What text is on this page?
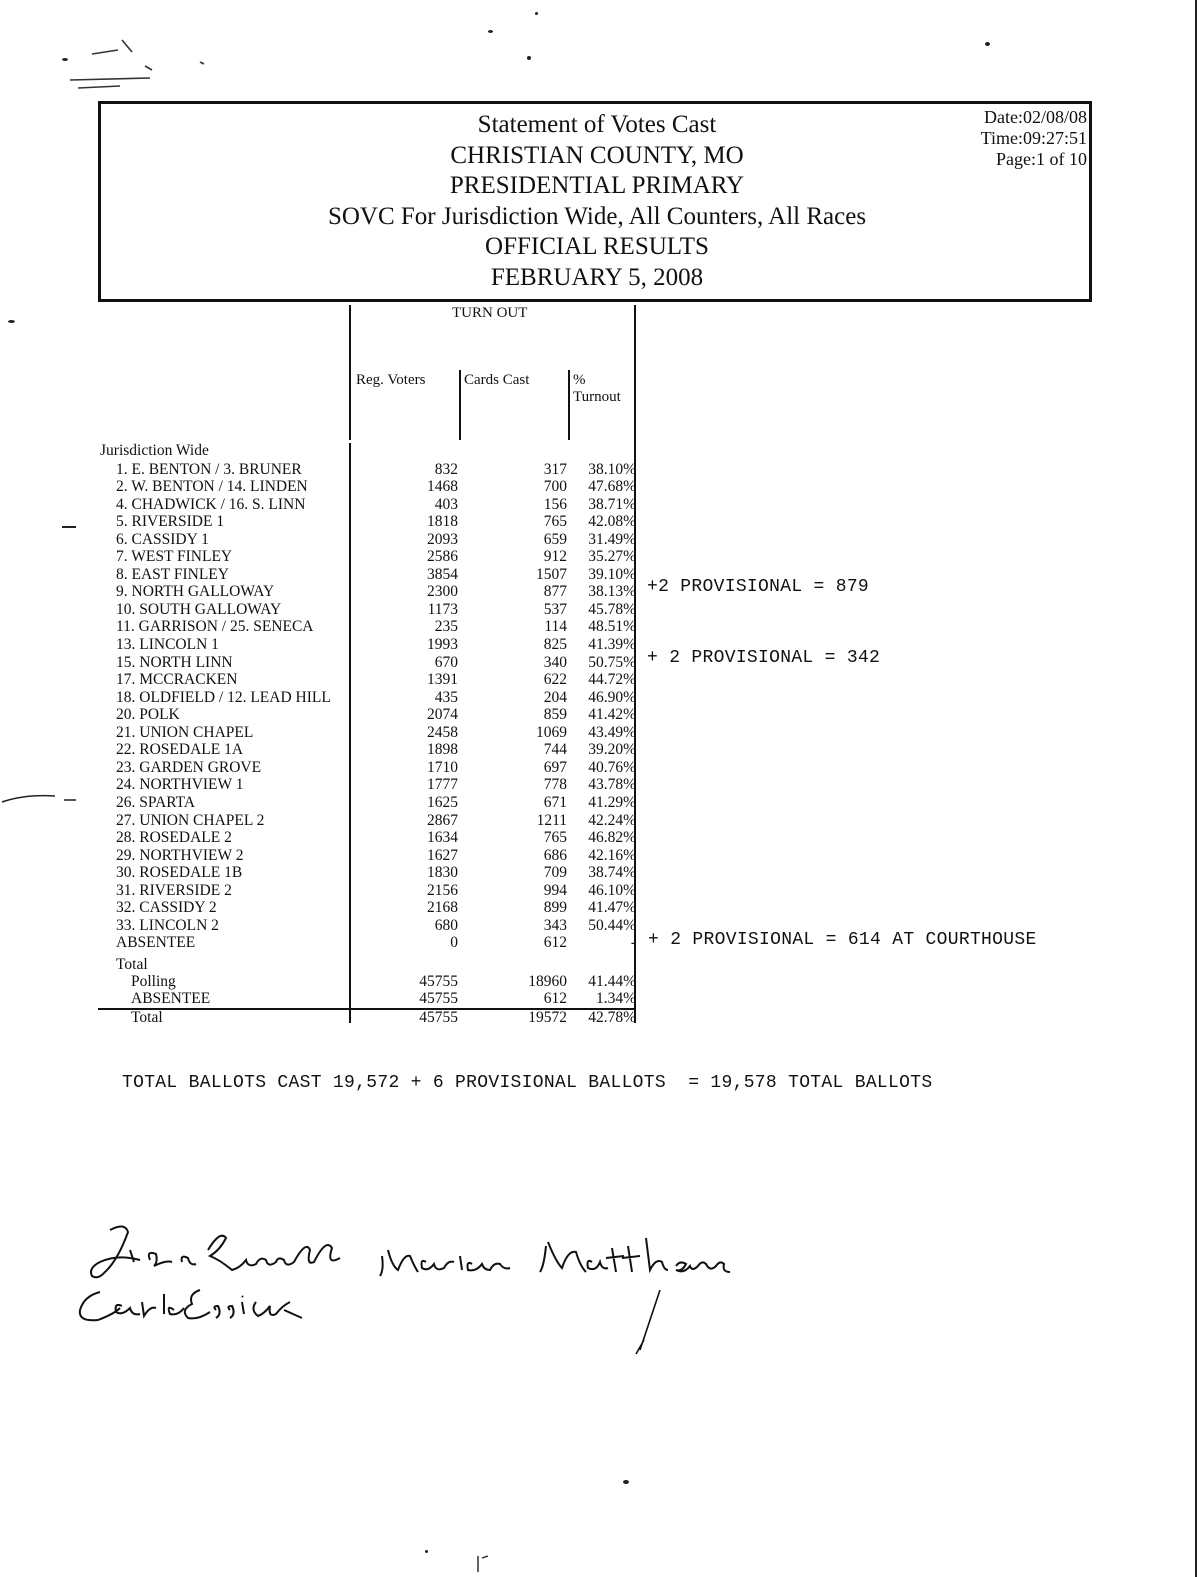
Statement of Votes Cast
CHRISTIAN COUNTY, MO
PRESIDENTIAL PRIMARY
SOVC For Jurisdiction Wide, All Counters, All Races
OFFICIAL RESULTS
FEBRUARY 5, 2008
Date:02/08/08
Time:09:27:51
Page:1 of 10
TURN OUT
Reg. Voters	Cards Cast	%
Turnout
Jurisdiction Wide
1. E. BENTON / 3. BRUNER	832	317 38.10%
2. W. BENTON / 14. LINDEN	1468	700 47.68%
4. CHADWICK / 16. S. LINN	403	156 38.71%
5. RIVERSIDE 1	1818	765 42.08%
6. CASSIDY 1	2093	659 31.49%
7. WEST FINLEY	2586	912 35.27%
8. EAST FINLEY	3854	1507 39.10%
9. NORTH GALLOWAY	2300	877 38.13%
10. SOUTH GALLOWAY	1173	537 45.78%
11. GARRISON / 25. SENECA	235	114 48.51%
13. LINCOLN 1	1993	825 41.39%
15. NORTH LINN	670	340 50.75%
17. MCCRACKEN	1391	622 44.72%
18. OLDFIELD / 12. LEAD HILL	435	204 46.90%
20. POLK	2074	859 41.42%
21. UNION CHAPEL	2458	1069 43.49%
22. ROSEDALE 1A	1898	744 39.20%
23. GARDEN GROVE	1710	697 40.76%
24. NORTHVIEW 1	1777	778 43.78%
26. SPARTA	1625	671 41.29%
27. UNION CHAPEL 2	2867	1211 42.24%
28. ROSEDALE 2	1634	765 46.82%
29. NORTHVIEW 2	1627	686 42.16%
30. ROSEDALE 1B	1830	709 38.74%
31. RIVERSIDE 2	2156	994 46.10%
32. CASSIDY 2	2168	899 41.47%
33. LINCOLN 2	680	343 50.44%
ABSENTEE	0	612	-
Total
Polling	45755	18960 41.44%
ABSENTEE	45755	612 1.34%
Total	45755	19572 42.78%
+2 PROVISIONAL = 879
+ 2 PROVISIONAL = 342
+ 2 PROVISIONAL = 614 AT COURTHOUSE
TOTAL BALLOTS CAST 19,572 + 6 PROVISIONAL BALLOTS  = 19,578 TOTAL BALLOTS
